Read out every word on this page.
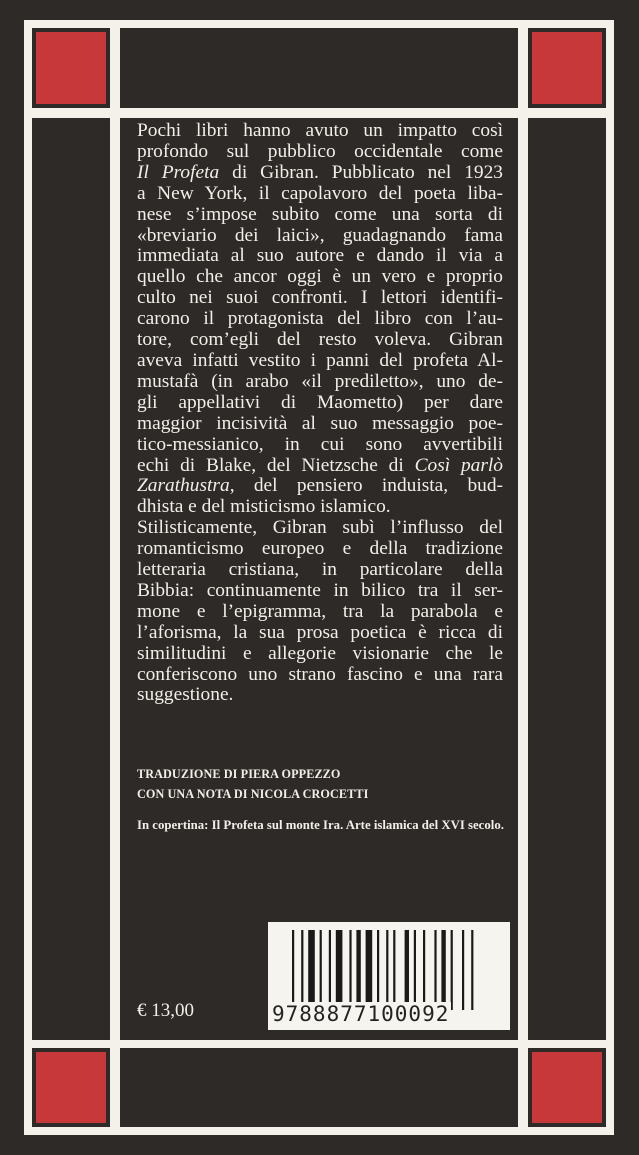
Pochi libri hanno avuto un impatto così
profondo sul pubblico occidentale come
Il Profeta di Gibran. Pubblicato nel 1923
a New York, il capolavoro del poeta liba-
nese s’impose subito come una sorta di
«breviario dei laici», guadagnando fama
immediata al suo autore e dando il via a
quello che ancor oggi è un vero e proprio
culto nei suoi confronti. I lettori identifi-
carono il protagonista del libro con l’au-
tore, com’egli del resto voleva. Gibran
aveva infatti vestito i panni del profeta Al-
mustafà (in arabo «il prediletto», uno de-
gli appellativi di Maometto) per dare
maggior incisività al suo messaggio poe-
tico-messianico, in cui sono avvertibili
echi di Blake, del Nietzsche di Così parlò
Zarathustra, del pensiero induista, bud-
dhista e del misticismo islamico.
Stilisticamente, Gibran subì l’influsso del
romanticismo europeo e della tradizione
letteraria cristiana, in particolare della
Bibbia: continuamente in bilico tra il ser-
mone e l’epigramma, tra la parabola e
l’aforisma, la sua prosa poetica è ricca di
similitudini e allegorie visionarie che le
conferiscono uno strano fascino e una rara
suggestione.
TRADUZIONE DI PIERA OPPEZZO
CON UNA NOTA DI NICOLA CROCETTI
In copertina: Il Profeta sul monte Ira. Arte islamica del XVI secolo.
€ 13,00	9788877100092
